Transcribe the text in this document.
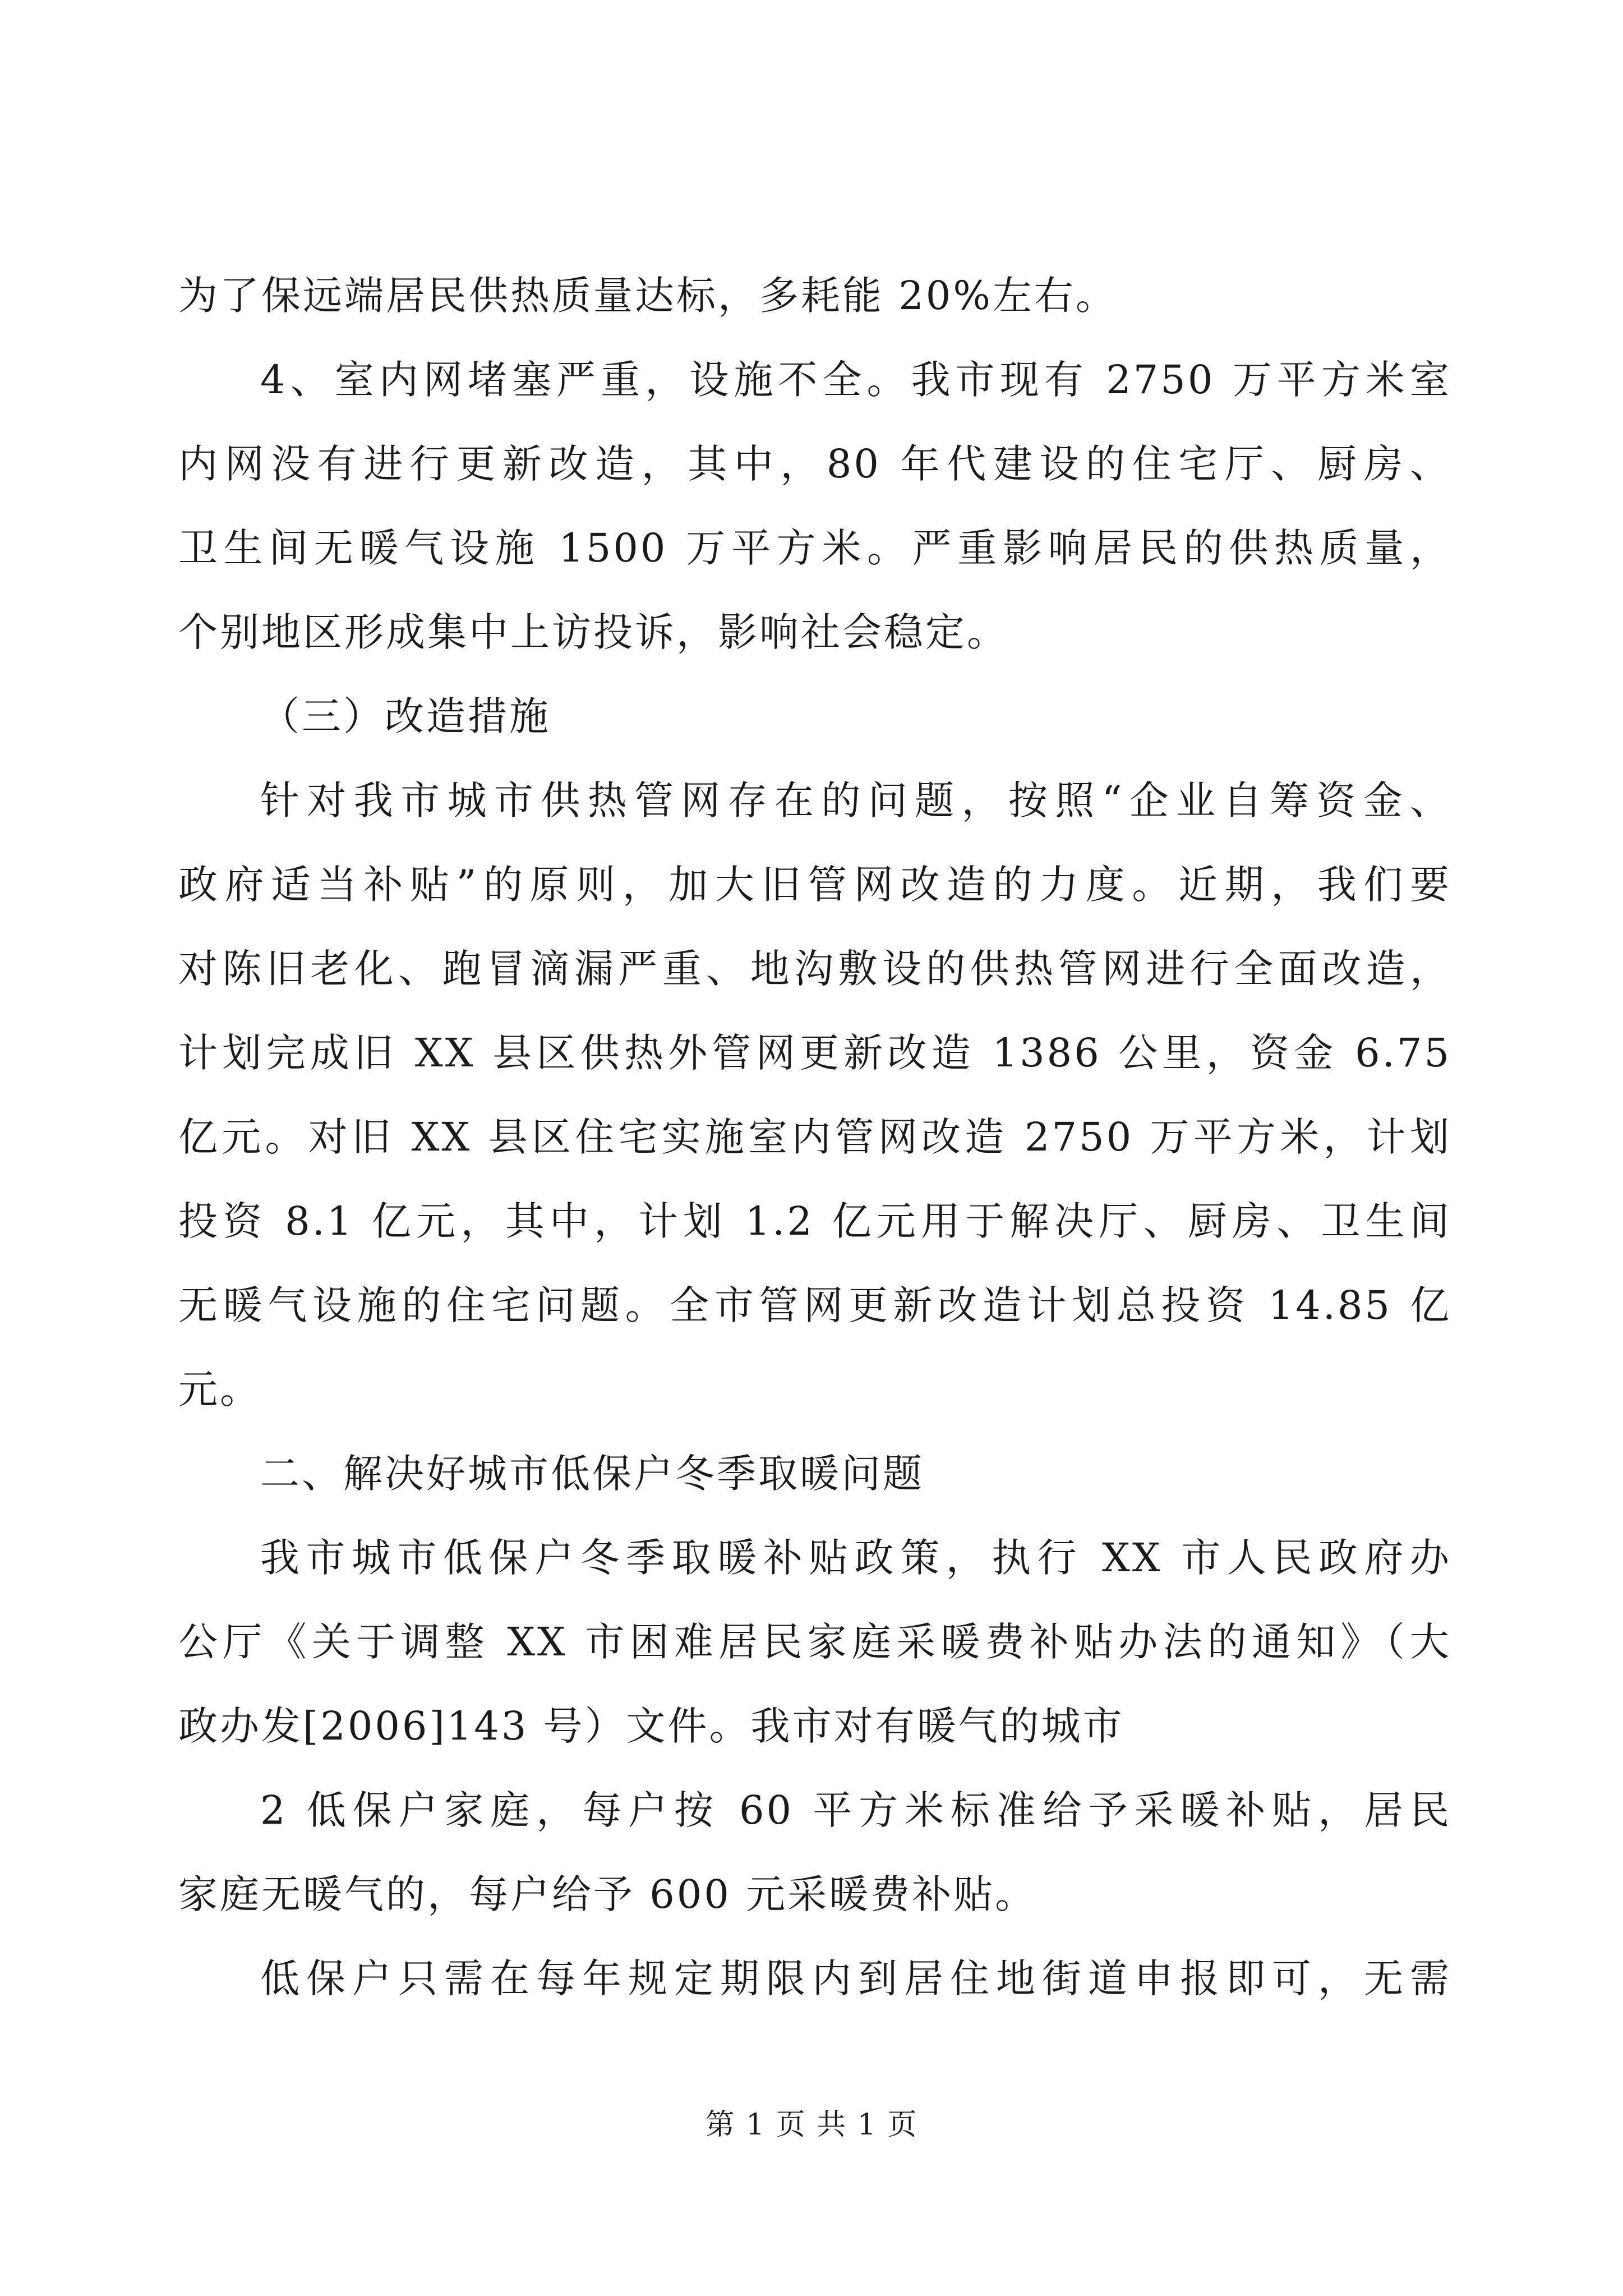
为了保远端居民供热质量达标，多耗能 20%左右。
4、室内网堵塞严重，设施不全。我市现有 2750 万平方米室
内网没有进行更新改造，其中，80 年代建设的住宅厅、厨房、
卫生间无暖气设施 1500 万平方米。严重影响居民的供热质量，
个别地区形成集中上访投诉，影响社会稳定。
（三）改造措施
针对我市城市供热管网存在的问题，按照“企业自筹资金、
政府适当补贴”的原则，加大旧管网改造的力度。近期，我们要
对陈旧老化、跑冒滴漏严重、地沟敷设的供热管网进行全面改造，
计划完成旧 XX 县区供热外管网更新改造 1386 公里，资金 6.75
亿元。对旧 XX 县区住宅实施室内管网改造 2750 万平方米，计划
投资 8.1 亿元，其中，计划 1.2 亿元用于解决厅、厨房、卫生间
无暖气设施的住宅问题。全市管网更新改造计划总投资 14.85 亿
元。
二、解决好城市低保户冬季取暖问题
我市城市低保户冬季取暖补贴政策，执行 XX 市人民政府办
公厅《关于调整 XX 市困难居民家庭采暖费补贴办法的通知》（大
政办发[2006]143 号）文件。我市对有暖气的城市
2 低保户家庭，每户按 60 平方米标准给予采暖补贴，居民
家庭无暖气的，每户给予 600 元采暖费补贴。
低保户只需在每年规定期限内到居住地街道申报即可，无需
第 1 页 共 1 页
